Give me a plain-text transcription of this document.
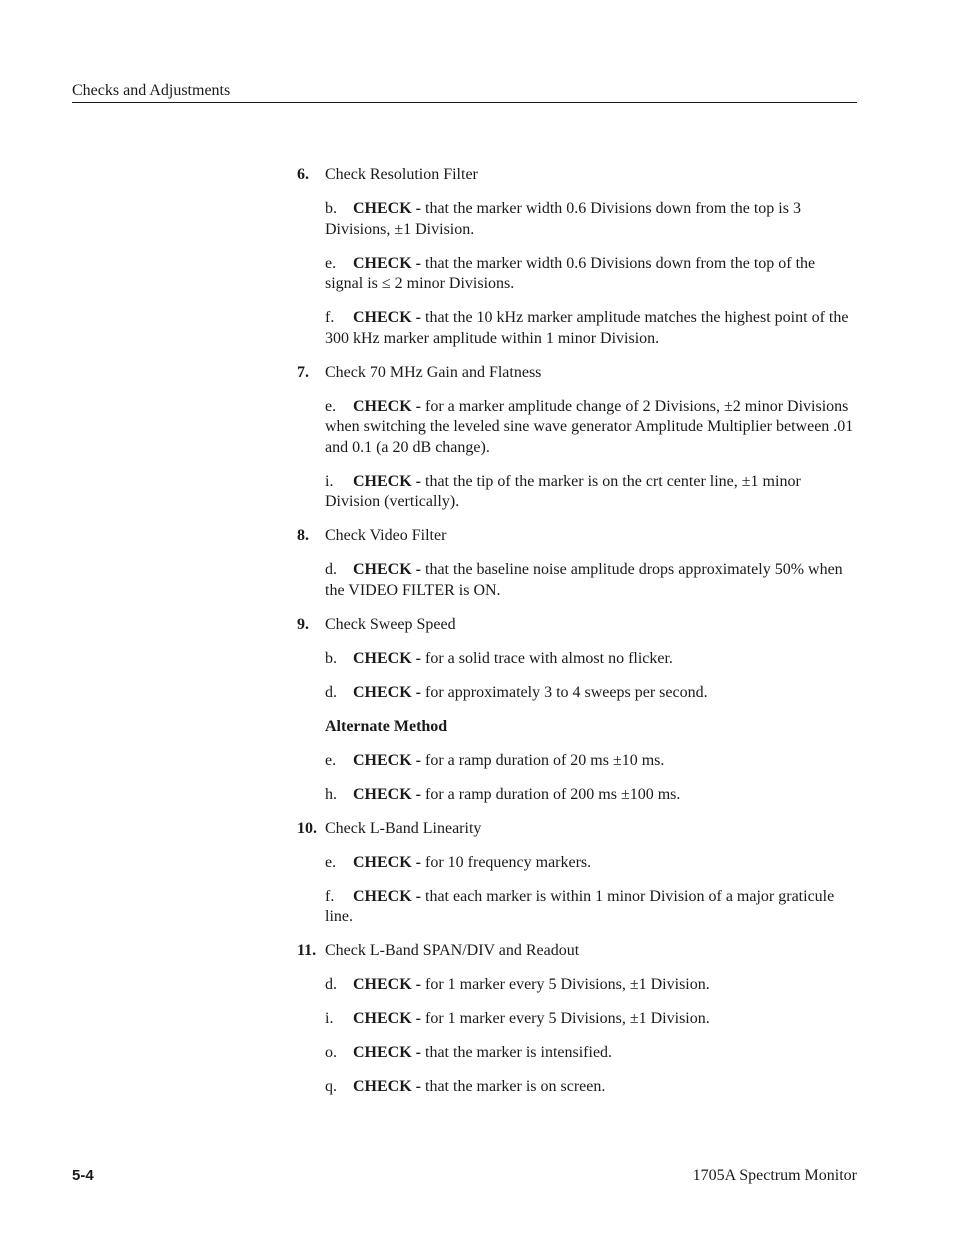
Checks and Adjustments
6.	Check Resolution Filter
b. CHECK - that the marker width 0.6 Divisions down from the top is 3 Divisions, ±1 Division.
e. CHECK - that the marker width 0.6 Divisions down from the top of the signal is ≤ 2 minor Divisions.
f. CHECK - that the 10 kHz marker amplitude matches the highest point of the 300 kHz marker amplitude within 1 minor Division.
7.	Check 70 MHz Gain and Flatness
e. CHECK - for a marker amplitude change of 2 Divisions, ±2 minor Divisions when switching the leveled sine wave generator Amplitude Multiplier between .01 and 0.1 (a 20 dB change).
i. CHECK - that the tip of the marker is on the crt center line, ±1 minor Division (vertically).
8.	Check Video Filter
d. CHECK - that the baseline noise amplitude drops approximately 50% when the VIDEO FILTER is ON.
9.	Check Sweep Speed
b. CHECK - for a solid trace with almost no flicker.
d. CHECK - for approximately 3 to 4 sweeps per second.
Alternate Method
e. CHECK - for a ramp duration of 20 ms ±10 ms.
h. CHECK - for a ramp duration of 200 ms ±100 ms.
10. Check L-Band Linearity
e. CHECK - for 10 frequency markers.
f. CHECK - that each marker is within 1 minor Division of a major graticule line.
11. Check L-Band SPAN/DIV and Readout
d. CHECK - for 1 marker every 5 Divisions, ±1 Division.
i. CHECK - for 1 marker every 5 Divisions, ±1 Division.
o. CHECK - that the marker is intensified.
q. CHECK - that the marker is on screen.
5-4	1705A Spectrum Monitor
